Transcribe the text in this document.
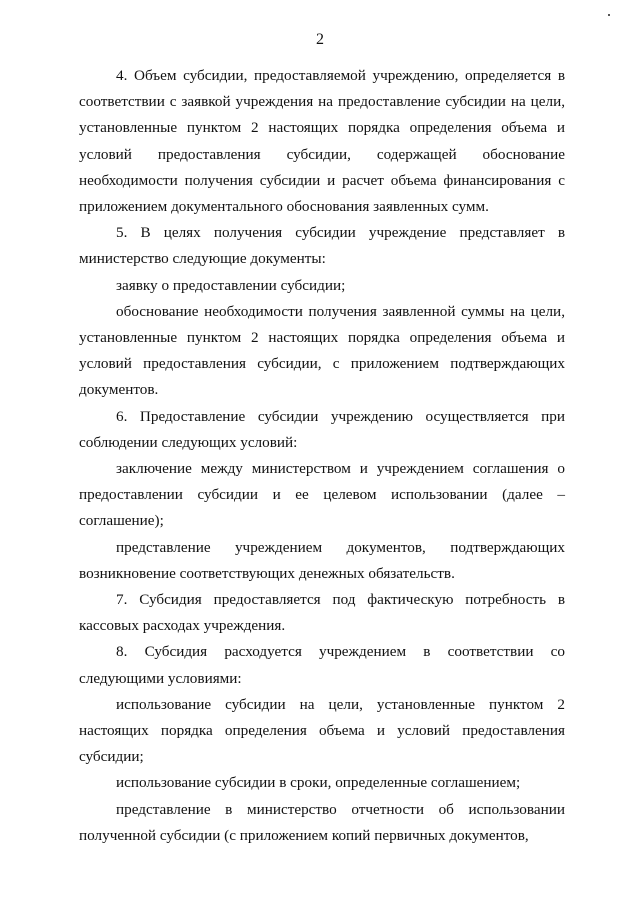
2

4. Объем субсидии, предоставляемой учреждению, определяется в соответствии с заявкой учреждения на предоставление субсидии на цели, установленные пунктом 2 настоящих порядка определения объема и условий предоставления субсидии, содержащей обоснование необходимости получения субсидии и расчет объема финансирования с приложением документального обоснования заявленных сумм.

5. В целях получения субсидии учреждение представляет в министерство следующие документы:

заявку о предоставлении субсидии;

обоснование необходимости получения заявленной суммы на цели, установленные пунктом 2 настоящих порядка определения объема и условий предоставления субсидии, с приложением подтверждающих документов.

6. Предоставление субсидии учреждению осуществляется при соблюдении следующих условий:

заключение между министерством и учреждением соглашения о предоставлении субсидии и ее целевом использовании (далее – соглашение);

представление учреждением документов, подтверждающих возникновение соответствующих денежных обязательств.

7. Субсидия предоставляется под фактическую потребность в кассовых расходах учреждения.

8. Субсидия расходуется учреждением в соответствии со следующими условиями:

использование субсидии на цели, установленные пунктом 2 настоящих порядка определения объема и условий предоставления субсидии;

использование субсидии в сроки, определенные соглашением;

представление в министерство отчетности об использовании полученной субсидии (с приложением копий первичных документов,
